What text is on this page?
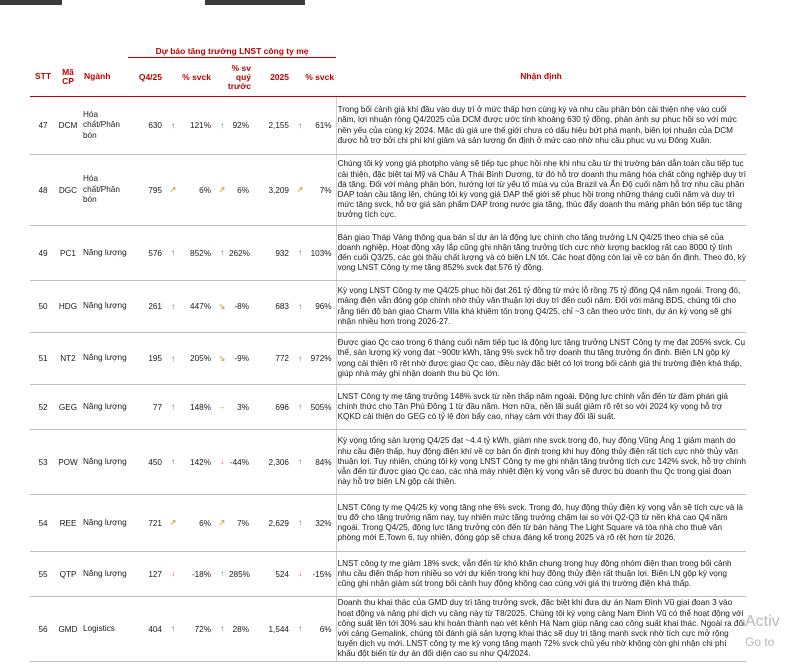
			Dự báo tăng trưởng LNST công ty mẹ								
STT	Mã CP	Ngành	Q4/25	% svck		% sv quý trước		2025	% svck		Nhận định
47	DCM	Hóa chất/Phân bón	630	↑	121%	↑	92%	2,155	↑	61%	Trong bối cảnh giá khí đầu vào duy trì ở mức thấp hơn cùng kỳ và nhu cầu phân bón cải thiện nhẹ vào cuối năm, lợi nhuận ròng Q4/2025 của DCM được ước tính khoảng 630 tỷ đồng, phản ánh sự phục hồi so với mức nền yếu của cùng kỳ 2024. Mặc dù giá ure thế giới chưa có dấu hiệu bứt phá mạnh, biên lợi nhuận của DCM được hỗ trợ bởi chi phí khí giảm và sản lượng ổn định ở mức cao nhờ nhu cầu phục vụ vụ Đông Xuân.
48	DGC	Hóa chất/Phân bón	795	↗	6%	↗	6%	3,209	↗	7%	Chúng tôi kỳ vọng giá photpho vàng sẽ tiếp tục phục hồi nhẹ khi nhu cầu từ thị trường bán dẫn toàn cầu tiếp tục cải thiện, đặc biệt tại Mỹ và Châu Á Thái Bình Dương, từ đó hỗ trợ doanh thu mảng hóa chất công nghiệp duy trì đà tăng. Đối với mảng phân bón, hướng lợi từ yếu tố mùa vụ của Brazil và Ấn Độ cuối năm hỗ trợ nhu cầu phân DAP toàn cầu tăng lên, chúng tôi kỳ vọng giá DAP thế giới sẽ phục hồi trong những tháng cuối năm và duy trì mức tăng svck, hỗ trợ giá sản phẩm DAP trong nước gia tăng, thúc đẩy doanh thu mảng phân bón tiếp tục tăng trưởng tích cực.
49	PC1	Năng lượng	576	↑	852%	↑	262%	932	↑	103%	Bàn giao Tháp Vàng thông qua bán sỉ dự án là động lực chính cho tăng trưởng LN Q4/25 theo chia sẻ của doanh nghiệp. Hoạt động xây lắp cũng ghi nhận tăng trưởng tích cực nhờ lượng backlog rất cao 8000 tỷ tính đến cuối Q3/25, các gói thầu chất lượng và có biên LN tốt. Các hoạt động còn lại về cơ bản ổn định. Theo đó, kỳ vọng LNST Công ty mẹ tăng 852% svck đạt 576 tỷ đồng.
50	HDG	Năng lượng	261	↑	447%	↘	-8%	683	↑	96%	Kỳ vọng LNST Công ty mẹ Q4/25 phục hồi đạt 261 tỷ đồng từ mức lỗ rồng 75 tỷ đồng Q4 năm ngoái. Trong đó, mảng điện vẫn đóng góp chính nhờ thủy văn thuận lợi duy trì đến cuối năm. Đối với mảng BDS, chúng tôi cho rằng tiến độ bàn giao Charm Villa khá khiêm tốn trong Q4/25, chỉ ~3 căn theo ước tính, dự án kỳ vọng sẽ ghi nhận nhiều hơn trong 2026-27.
51	NT2	Năng lượng	195	↑	205%	↘	-9%	772	↑	972%	Được giao Qc cao trong 6 tháng cuối năm tiếp tục là động lực tăng trưởng LNST Công ty mẹ đạt 205% svck. Cụ thể, sản lượng kỳ vọng đạt ~900tr kWh, tăng 9% svck hỗ trợ doanh thu tăng trưởng ổn định. Biên LN gộp kỳ vọng cải thiện rõ rệt nhờ được giao Qc cao, điều này đặc biệt có lợi trong bối cảnh giá thị trường điện khá thấp, giúp nhà máy ghi nhận doanh thu bù Qc lớn.
52	GEG	Năng lượng	77	↑	148%	→	3%	696	↑	505%	LNST Công ty mẹ tăng trưởng 148% svck từ nền thấp năm ngoái. Động lực chính vẫn đến từ đàm phán giá chính thức cho Tân Phú Đông 1 từ đầu năm. Hơn nữa, nền lãi suất giảm rõ rệt so với 2024 kỳ vọng hỗ trợ KQKD cải thiện do GEG có tỷ lệ đòn bẩy cao, nhạy cảm với thay đổi lãi suất.
53	POW	Năng lượng	450	↑	142%	↓	-44%	2,306	↑	84%	Kỳ vọng tổng sản lượng Q4/25 đạt ~4.4 tỷ kWh, giảm nhẹ svck trong đó, huy động Vũng Áng 1 giảm mạnh do nhu cầu điện thấp, huy động điện khí về cơ bản ổn định trong khi huy động thủy điện rất tích cực nhờ thủy văn thuận lợi. Tuy nhiên, chúng tôi kỳ vọng LNST Công ty mẹ ghi nhận tăng trưởng tích cực 142% svck, hỗ trợ chính vẫn đến từ được giao Qc cao, các nhà máy nhiệt điện kỳ vọng vẫn sẽ được bù doanh thu Qc trong giai đoạn này hỗ trợ biên LN gộp cải thiện.
54	REE	Năng lượng	721	↗	6%	↗	7%	2,629	↑	32%	LNST Công ty mẹ Q4/25 kỳ vọng tăng nhẹ 6% svck. Trong đó, huy động thủy điện kỳ vọng vẫn sẽ tích cực và là trụ đỡ cho tăng trưởng năm nay, tuy nhiên mức tăng trưởng chậm lại so với Q2-Q3 từ nền khá cao Q4 năm ngoái. Trong Q4/25, động lực tăng trưởng còn đến từ bán hàng The Light Square và tòa nhà cho thuê văn phòng mới E.Town 6, tuy nhiên, đóng góp sẽ chưa đáng kể trong 2025 và rõ rệt hơn từ 2026.
55	QTP	Năng lượng	127	↓	-18%	↑	285%	524	↓	-15%	LNST công ty mẹ giảm 18% svck, vẫn đến từ khó khăn chung trong huy động nhóm điện than trong bối cảnh nhu cầu điện thấp hơn nhiều so với dự kiến trong khi huy động thủy điện rất thuận lợi. Biên LN gộp kỳ vọng cũng ghi nhận giảm sút trong bối cảnh huy động không cao cùng với giá thị trường điện khá thấp.
56	GMD	Logistics	404	↑	72%	↑	28%	1,544	↑	6%	Doanh thu khai thác của GMD duy trì tăng trưởng svck, đặc biệt khi đưa dự án Nam Đình Vũ giai đoạn 3 vào hoạt động và nâng phí dịch vụ cảng này từ T8/2025. Chúng tôi kỳ vọng cảng Nam Đình Vũ có thể hoạt động với công suất lên tới 30% sau khi hoàn thành nạo vét kênh Hà Nam giúp nâng cao công suất khai thác. Ngoài ra đối với cảng Gemalink, chúng tôi đánh giá sản lượng khai thác sẽ duy trì tăng mạnh svck nhờ tích cực mở rộng tuyến dịch vụ mới. LNST công ty mẹ kỳ vọng tăng mạnh 72% svck chủ yếu nhờ không còn ghi nhận chi phí khấu đột biến từ dự án đổi diện cao su như Q4/2024.
Activ
Go to
